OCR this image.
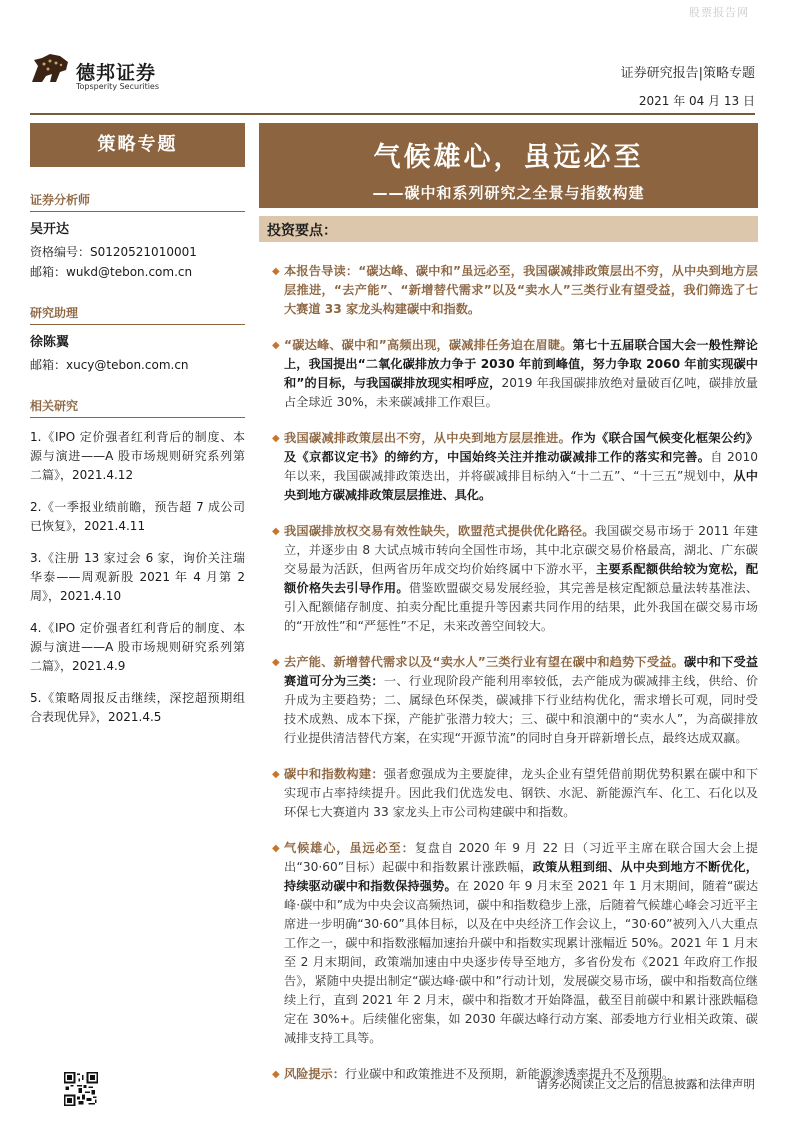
股票报告网
德邦证券
Topsperity Securities
证券研究报告|策略专题
2021 年 04 月 13 日
策略专题
证券分析师
吴开达
资格编号：S0120521010001
邮箱：wukd@tebon.com.cn
研究助理
徐陈翼
邮箱：xucy@tebon.com.cn
相关研究
1.《IPO 定价强者红利背后的制度、本源与演进——A 股市场规则研究系列第二篇》，2021.4.12
2.《一季报业绩前瞻，预告超 7 成公司已恢复》，2021.4.11
3.《注册 13 家过会 6 家，询价关注瑞华泰——周观新股 2021 年 4 月第 2 周》，2021.4.10
4.《IPO 定价强者红利背后的制度、本源与演进——A 股市场规则研究系列第二篇》，2021.4.9
5.《策略周报反击继续，深挖超预期组合表现优异》，2021.4.5
气候雄心，虽远必至
——碳中和系列研究之全景与指数构建
投资要点：
◆ 本报告导读：“碳达峰、碳中和”虽远必至，我国碳减排政策层出不穷，从中央到地方层层推进，“去产能”、“新增替代需求”以及“卖水人”三类行业有望受益，我们筛选了七大赛道 33 家龙头构建碳中和指数。
◆ “碳达峰、碳中和”高频出现，碳减排任务迫在眉睫。第七十五届联合国大会一般性辩论上，我国提出“二氧化碳排放力争于 2030 年前到峰值，努力争取 2060 年前实现碳中和”的目标，与我国碳排放现实相呼应，2019 年我国碳排放绝对量破百亿吨，碳排放量占全球近 30%，未来碳减排工作艰巨。
◆ 我国碳减排政策层出不穷，从中央到地方层层推进。作为《联合国气候变化框架公约》及《京都议定书》的缔约方，中国始终关注并推动碳减排工作的落实和完善。自 2010 年以来，我国碳减排政策迭出，并将碳减排目标纳入“十二五”、“十三五”规划中，从中央到地方碳减排政策层层推进、具化。
◆ 我国碳排放权交易有效性缺失，欧盟范式提供优化路径。我国碳交易市场于 2011 年建立，并逐步由 8 大试点城市转向全国性市场，其中北京碳交易价格最高，湖北、广东碳交易最为活跃，但两省历年成交均价始终属中下游水平，主要系配额供给较为宽松，配额价格失去引导作用。借鉴欧盟碳交易发展经验，其完善是核定配额总量法转基准法、引入配额储存制度、拍卖分配比重提升等因素共同作用的结果，此外我国在碳交易市场的“开放性”和“严惩性”不足，未来改善空间较大。
◆ 去产能、新增替代需求以及“卖水人”三类行业有望在碳中和趋势下受益。碳中和下受益赛道可分为三类：一、行业现阶段产能利用率较低，去产能成为碳减排主线，供给、价升成为主要趋势；二、属绿色环保类，碳减排下行业结构优化，需求增长可观，同时受技术成熟、成本下探，产能扩张潜力较大；三、碳中和浪潮中的“卖水人”，为高碳排放行业提供清洁替代方案，在实现“开源节流”的同时自身开辟新增长点，最终达成双赢。
◆ 碳中和指数构建：强者愈强成为主要旋律，龙头企业有望凭借前期优势积累在碳中和下实现市占率持续提升。因此我们优选发电、钢铁、水泥、新能源汽车、化工、石化以及环保七大赛道内 33 家龙头上市公司构建碳中和指数。
◆ 气候雄心，虽远必至：复盘自 2020 年 9 月 22 日（习近平主席在联合国大会上提出“30·60”目标）起碳中和指数累计涨跌幅，政策从粗到细、从中央到地方不断优化，持续驱动碳中和指数保持强势。在 2020 年 9 月末至 2021 年 1 月末期间，随着“碳达峰·碳中和”成为中央会议高频热词，碳中和指数稳步上涨，后随着气候雄心峰会习近平主席进一步明确“30·60”具体目标，以及在中央经济工作会议上，“30·60”被列入八大重点工作之一，碳中和指数涨幅加速抬升碳中和指数实现累计涨幅近 50%。2021 年 1 月末至 2 月末期间，政策端加速由中央逐步传导至地方，多省份发布《2021 年政府工作报告》，紧随中央提出制定“碳达峰·碳中和”行动计划，发展碳交易市场，碳中和指数高位继续上行，直到 2021 年 2 月末，碳中和指数才开始降温，截至目前碳中和累计涨跌幅稳定在 30%+。后续催化密集，如 2030 年碳达峰行动方案、部委地方行业相关政策、碳减排支持工具等。
◆ 风险提示：行业碳中和政策推进不及预期，新能源渗透率提升不及预期。
请务必阅读正文之后的信息披露和法律声明
